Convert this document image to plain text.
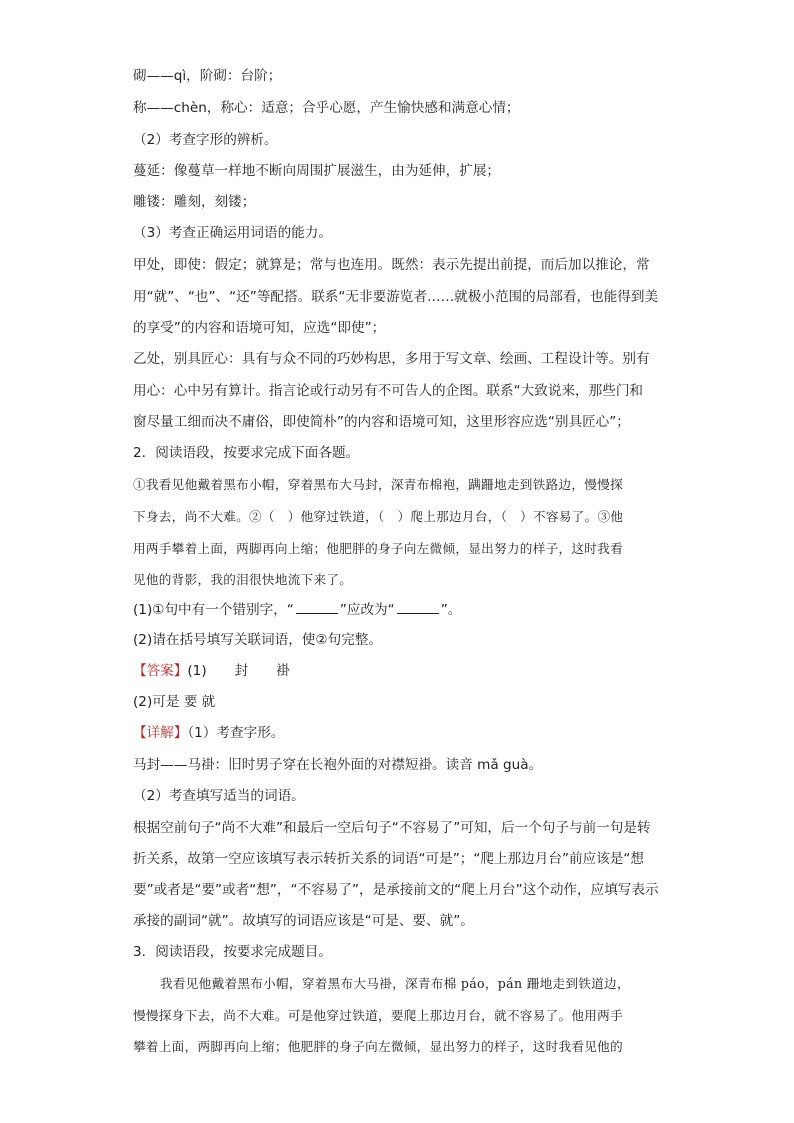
砌——qì，阶砌：台阶；
称——chèn，称心：适意；合乎心愿，产生愉快感和满意心情；
（2）考查字形的辨析。
蔓延：像蔓草一样地不断向周围扩展滋生，由为延伸，扩展；
雕镂：雕刻，刻镂；
（3）考查正确运用词语的能力。
甲处，即使：假定；就算是；常与也连用。既然：表示先提出前提，而后加以推论，常
用“就”、“也”、“还”等配搭。联系“无非要游览者……就极小范围的局部看，也能得到美
的享受”的内容和语境可知，应选“即使”；
乙处，别具匠心：具有与众不同的巧妙构思，多用于写文章、绘画、工程设计等。别有
用心：心中另有算计。指言论或行动另有不可告人的企图。联系“大致说来，那些门和
窗尽量工细而决不庸俗，即使简朴”的内容和语境可知，这里形容应选“别具匠心”；
2．阅读语段，按要求完成下面各题。
①我看见他戴着黑布小帽，穿着黑布大马封，深青布棉袍，蹒跚地走到铁路边，慢慢探
下身去，尚不大难。②（　）他穿过铁道，（　）爬上那边月台，（　）不容易了。③他
用两手攀着上面，两脚再向上缩；他肥胖的身子向左微倾，显出努力的样子，这时我看
见他的背影，我的泪很快地流下来了。
(1)①句中有一个错别字，“	”应改为“	”。
(2)请在括号填写关联词语，使②句完整。
【答案】(1) 封 褂
(2)可是 要 就
【详解】（1）考查字形。
马封——马褂：旧时男子穿在长袍外面的对襟短褂。读音 mǎ guà。
（2）考查填写适当的词语。
根据空前句子“尚不大难”和最后一空后句子“不容易了”可知，后一个句子与前一句是转
折关系，故第一空应该填写表示转折关系的词语“可是”；“爬上那边月台”前应该是“想
要”或者是“要”或者“想”，“不容易了”，是承接前文的“爬上月台”这个动作，应填写表示
承接的副词“就”。故填写的词语应该是“可是、要、就”。
3．阅读语段，按要求完成题目。
我看见他戴着黑布小帽，穿着黑布大马褂，深青布棉 páo，pán 跚地走到铁道边，
慢慢探身下去，尚不大难。可是他穿过铁道，要爬上那边月台，就不容易了。他用两手
攀着上面，两脚再向上缩；他肥胖的身子向左微倾，显出努力的样子，这时我看见他的
